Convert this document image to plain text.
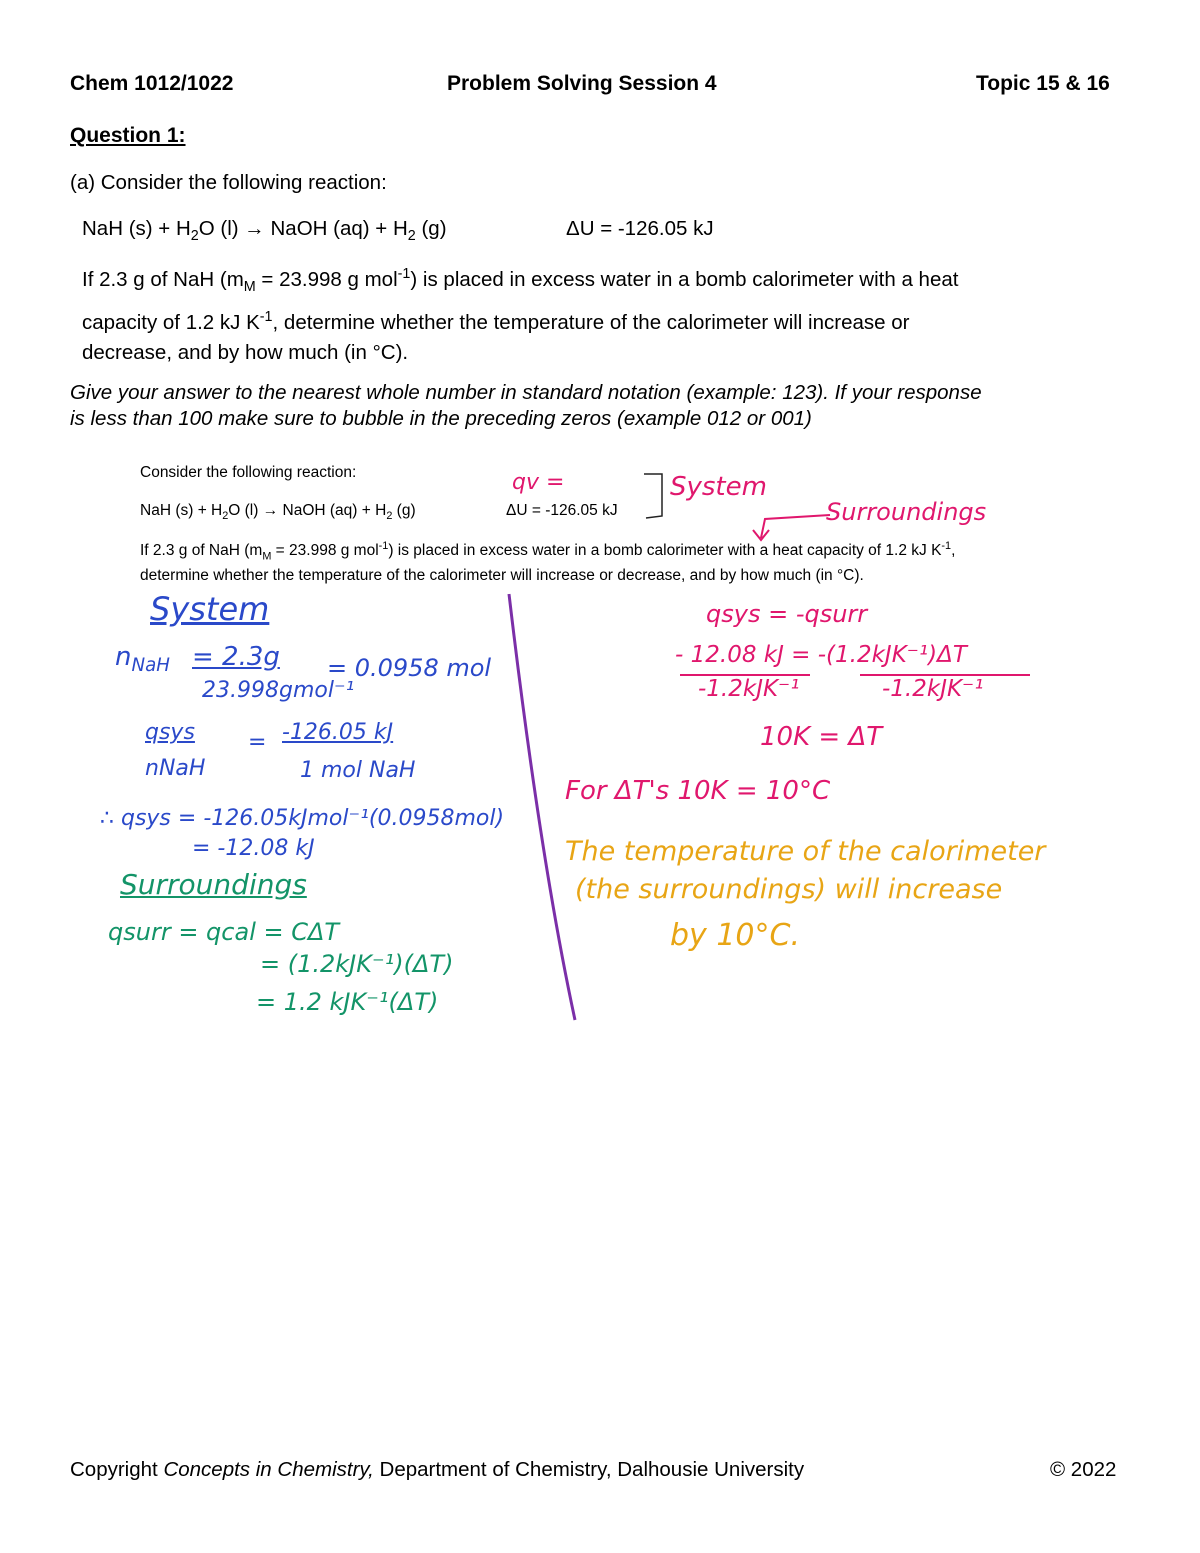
Chem 1012/1022	Problem Solving Session 4	Topic 15 & 16
Question 1:
(a) Consider the following reaction:
NaH $(s) + H_2O$ (l) → NaOH $(aq) + H_2$ (g)	ΔU = -126.05 kJ
If 2.3 g of NaH ($m_M = 23.998$ g mol$^{-1}$) is placed in excess water in a bomb calorimeter with a heat
capacity of 1.2 kJ $K^{-1}$, determine whether the temperature of the calorimeter will increase or
decrease, and by how much (in °C).
Give your answer to the nearest whole number in standard notation (example: 123). If your response
is less than 100 make sure to bubble in the preceding zeros (example 012 or 001)
Consider the following reaction:
NaH $(s) + H_2O$ (l) → NaOH $(aq) + H_2$ (g)	ΔU = -126.05 kJ
If 2.3 g of NaH ($m_M = 23.998$ g mol$^{-1}$) is placed in excess water in a bomb calorimeter with a heat capacity of 1.2 kJ $K^{-1}$,
determine whether the temperature of the calorimeter will increase or decrease, and by how much (in °C).
qv =	System
Surroundings
System
$n_{NaH} = 2.3g$
23.998gmol⁻¹
= 0.0958 mol
qsys
nNaH
= -126.05 kJ
1 mol NaH
∴ qsys = -126.05kJmol⁻¹(0.0958mol)
= -12.08 kJ
Surroundings
qsurr = qcal = CΔT
= (1.2kJK⁻¹)(ΔT)
= 1.2 kJK⁻¹(ΔT)
qsys = -qsurr
- 12.08 kJ = -(1.2kJK⁻¹)ΔT
-1.2kJK⁻¹	-1.2kJK⁻¹
10K = ΔT
For ΔT's 10K = 10°C
The temperature of the calorimeter
(the surroundings) will increase
by 10°C.
Copyright Concepts in Chemistry, Department of Chemistry, Dalhousie University	© 2022
